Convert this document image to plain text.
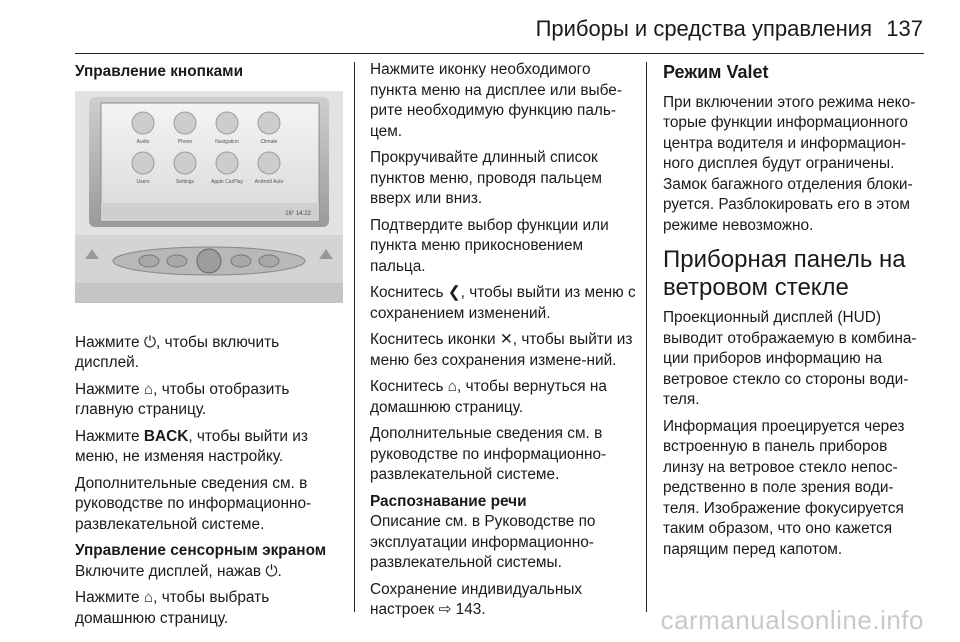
Приборы и средства управления 137
Управление кнопками
Audio	Phone	Navigation	Climate
Users	Settings	Apple CarPlay Android Auto
16° 14:22

Нажмите ⏻, чтобы включить дисплей.

Нажмите ⌂, чтобы отобразить главную страницу.

Нажмите BACK, чтобы выйти из меню, не изменяя настройку.

Дополнительные сведения см. в руководстве по информационно-развлекательной системе.

Управление сенсорным экраном

Включите дисплей, нажав ⏻.

Нажмите ⌂, чтобы выбрать домашнюю страницу.

Нажмите иконку необходимого пункта меню на дисплее или выбе-рите необходимую функцию паль-цем.

Прокручивайте длинный список пунктов меню, проводя пальцем вверх или вниз.

Подтвердите выбор функции или пункта меню прикосновением пальца.

Коснитесь ❮, чтобы выйти из меню с сохранением изменений.

Коснитесь иконки ✕, чтобы выйти из меню без сохранения измене-ний.

Коснитесь ⌂, чтобы вернуться на домашнюю страницу.

Дополнительные сведения см. в руководстве по информационно-развлекательной системе.

Распознавание речи

Описание см. в Руководстве по эксплуатации информационно-развлекательной системы.

Сохранение индивидуальных настроек ⇨ 143.

Режим Valet

При включении этого режима неко-торые функции информационного центра водителя и информацион-ного дисплея будут ограничены. Замок багажного отделения блоки-руется. Разблокировать его в этом режиме невозможно.

Приборная панель на ветровом стекле

Проекционный дисплей (HUD) выводит отображаемую в комбина-ции приборов информацию на ветровое стекло со стороны води-теля.

Информация проецируется через встроенную в панель приборов линзу на ветровое стекло непос-редственно в поле зрения води-теля. Изображение фокусируется таким образом, что оно кажется парящим перед капотом.

carmanualsonline.info
